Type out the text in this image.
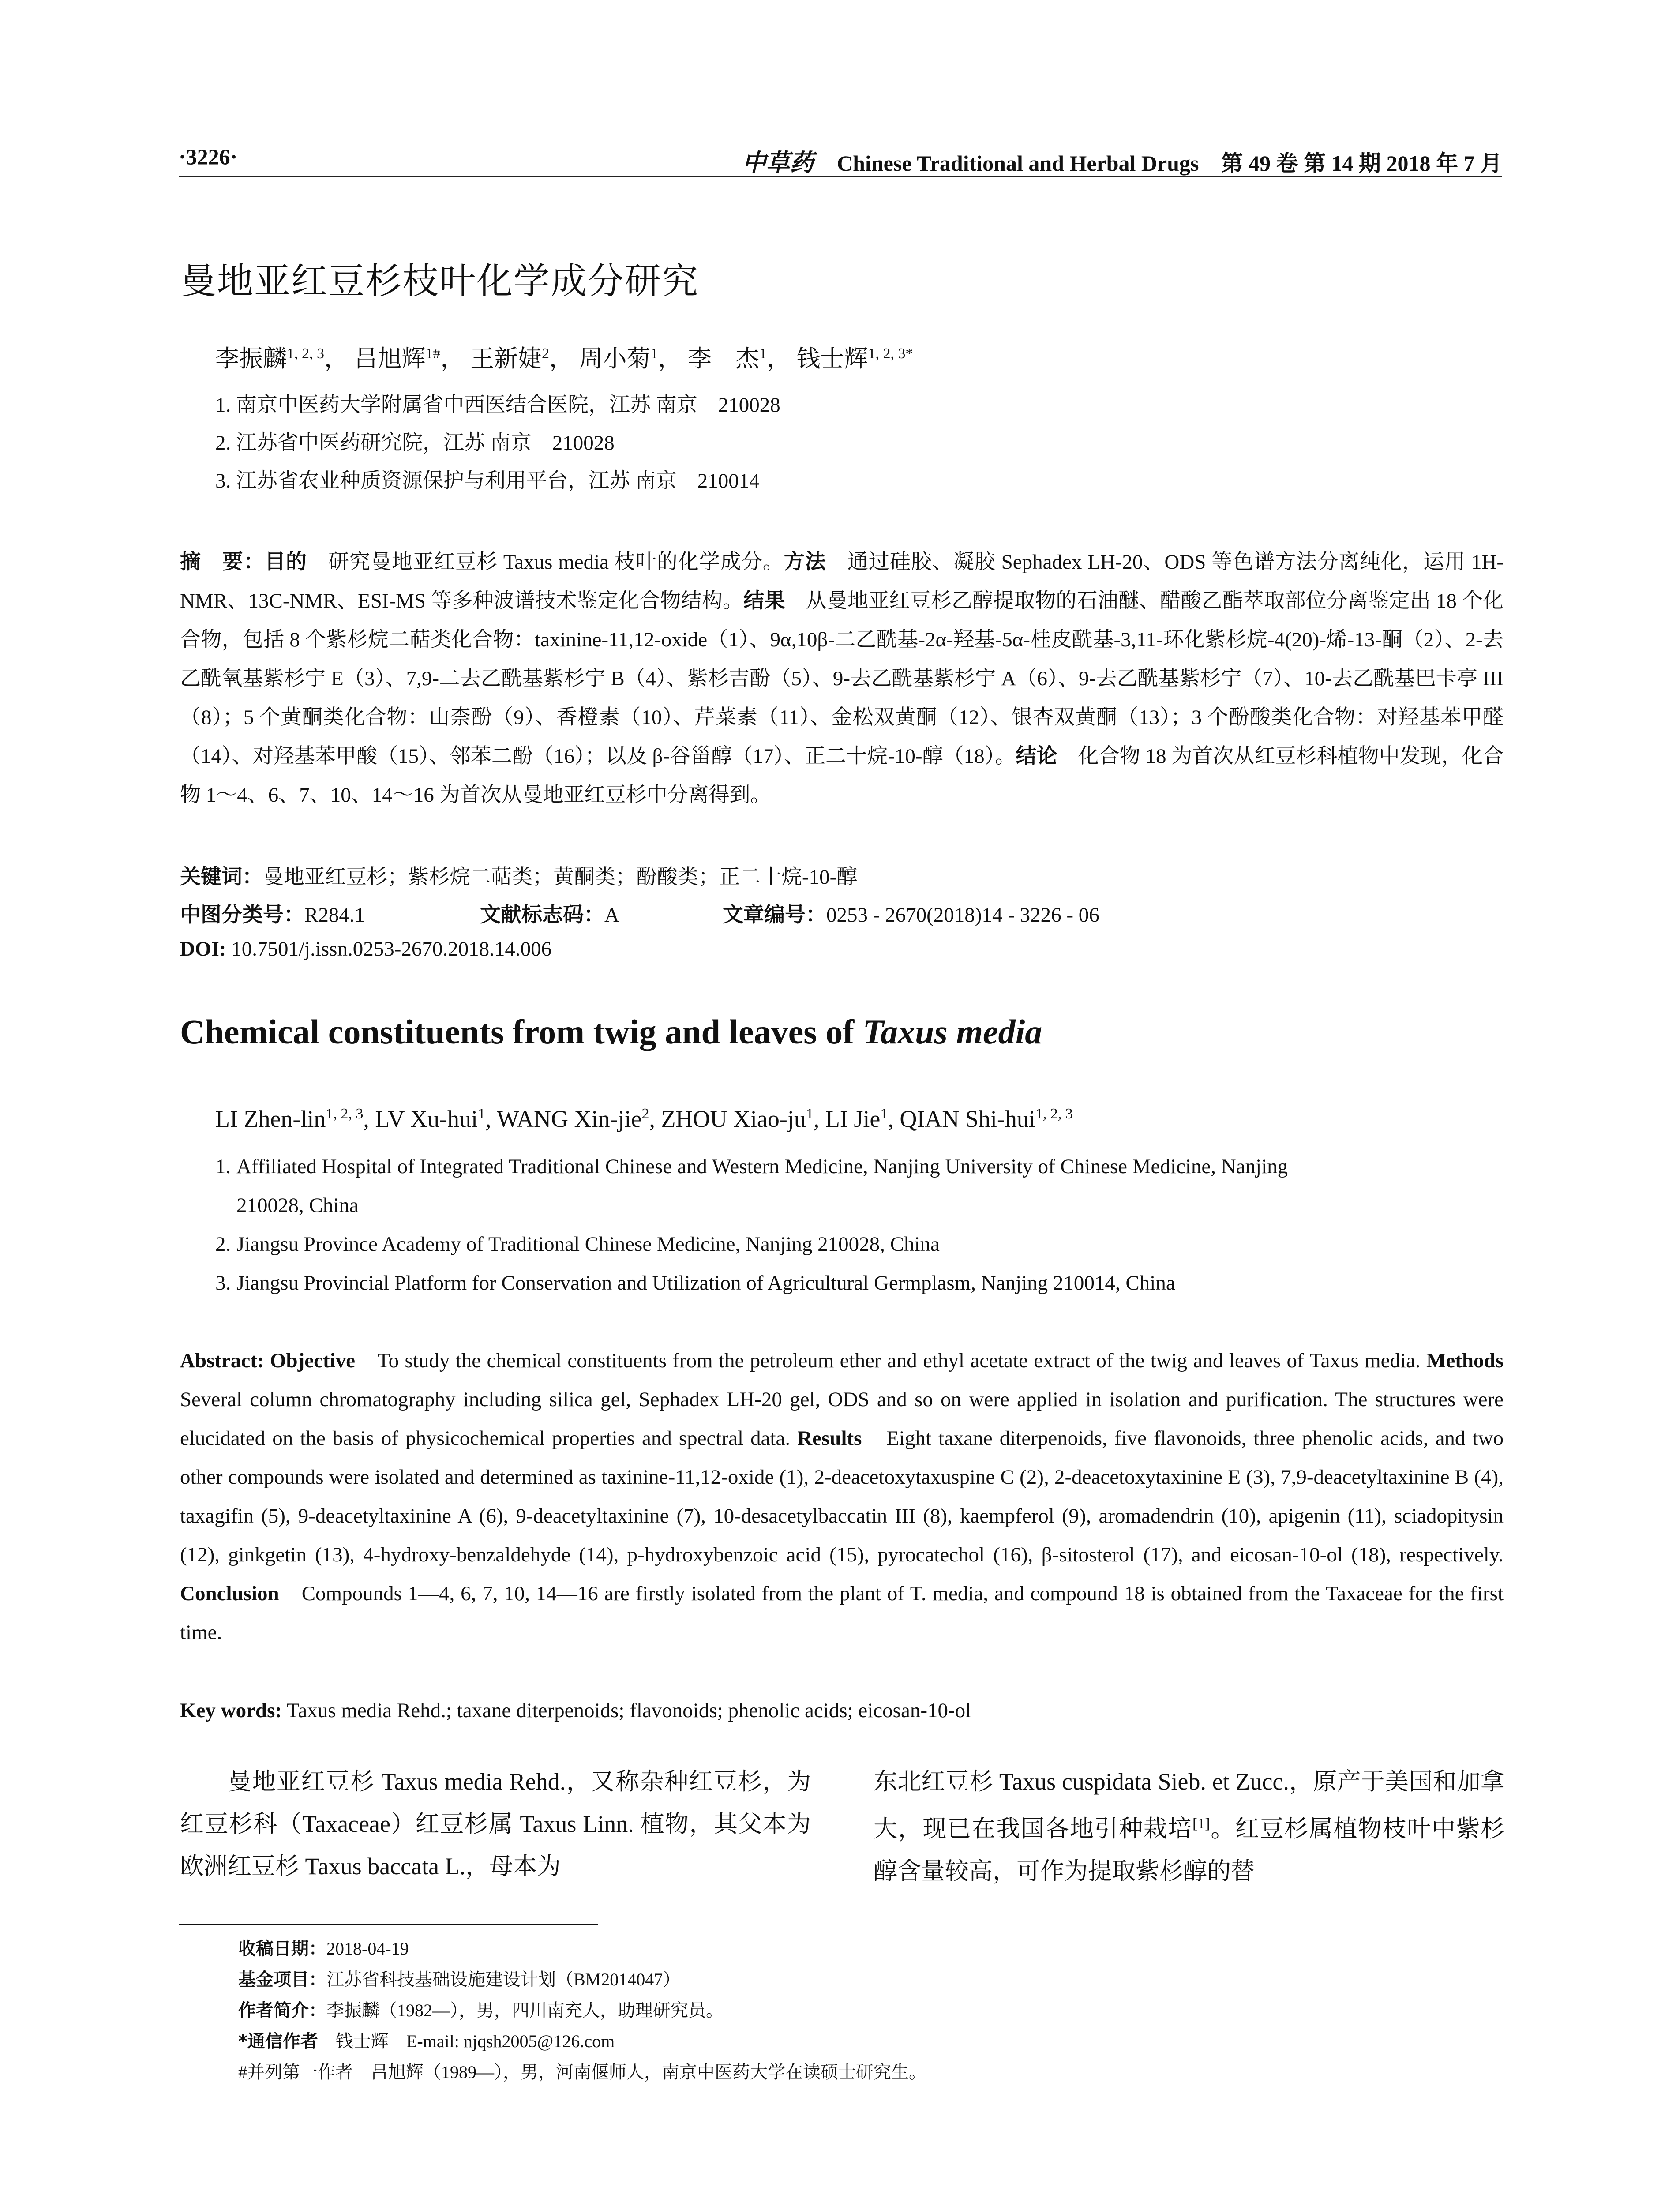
·3226·	中草药 Chinese Traditional and Herbal Drugs　第 49 卷 第 14 期 2018 年 7 月
曼地亚红豆杉枝叶化学成分研究
李振麟$^{1, 2, 3}$， 吕旭辉$^{1\#}$， 王新婕$^2$， 周小菊$^1$， 李　杰$^1$， 钱士辉$^{1, 2, 3*}$
1. 南京中医药大学附属省中西医结合医院，江苏 南京　210028
2. 江苏省中医药研究院，江苏 南京　210028
3. 江苏省农业种质资源保护与利用平台，江苏 南京　210014
摘　要：目的　 研究曼地亚红豆杉 Taxus media 枝叶的化学成分。方法　 通过硅胶、凝胶 Sephadex LH-20、ODS 等色谱方法分离纯化，运用 1H-NMR、13C-NMR、ESI-MS 等多种波谱技术鉴定化合物结构。结果　 从曼地亚红豆杉乙醇提取物的石油醚、醋酸乙酯萃取部位分离鉴定出 18 个化合物，包括 8 个紫杉烷二萜类化合物：taxinine-11,12-oxide（1）、9α,10β-二乙酰基-2α-羟基-5α-桂皮酰基-3,11-环化紫杉烷-4(20)-烯-13-酮（2）、2-去乙酰氧基紫杉宁 E（3）、7,9-二去乙酰基紫杉宁 B（4）、紫杉吉酚（5）、9-去乙酰基紫杉宁 A（6）、9-去乙酰基紫杉宁（7）、10-去乙酰基巴卡亭 III（8）；5 个黄酮类化合物：山柰酚（9）、香橙素（10）、芹菜素（11）、金松双黄酮（12）、银杏双黄酮（13）；3 个酚酸类化合物：对羟基苯甲醛（14）、对羟基苯甲酸（15）、邻苯二酚（16）；以及 β-谷甾醇（17）、正二十烷-10-醇（18）。结论　 化合物 18 为首次从红豆杉科植物中发现，化合物 1～4、6、7、10、14～16 为首次从曼地亚红豆杉中分离得到。
关键词：曼地亚红豆杉；紫杉烷二萜类；黄酮类；酚酸类；正二十烷-10-醇
中图分类号：R284.1	文献标志码：A	文章编号：0253 - 2670(2018)14 - 3226 - 06
DOI: 10.7501/j.issn.0253-2670.2018.14.006
Chemical constituents from twig and leaves of Taxus media
LI Zhen-lin$^{1, 2, 3}$, LV Xu-hui$^1$, WANG Xin-jie$^2$, ZHOU Xiao-$ju^1$, LI Jie$^1$, QIAN Shi-hui$^{1, 2, 3}$
1. Affiliated Hospital of Integrated Traditional Chinese and Western Medicine, Nanjing University of Chinese Medicine, Nanjing
210028, China
2. Jiangsu Province Academy of Traditional Chinese Medicine, Nanjing 210028, China
3. Jiangsu Provincial Platform for Conservation and Utilization of Agricultural Germplasm, Nanjing 210014, China
Abstract: Objective　 To study the chemical constituents from the petroleum ether and ethyl acetate extract of the twig and leaves of Taxus media. Methods　Several column chromatography including silica gel, Sephadex LH-20 gel, ODS and so on were applied in isolation and purification. The structures were elucidated on the basis of physicochemical properties and spectral data. Results　 Eight taxane diterpenoids, five flavonoids, three phenolic acids, and two other compounds were isolated and determined as taxinine-11,12-oxide (1), 2-deacetoxytaxuspine C (2), 2-deacetoxytaxinine E (3), 7,9-deacetyltaxinine B (4), taxagifin (5), 9-deacetyltaxinine A (6), 9-deacetyltaxinine (7), 10-desacetylbaccatin III (8), kaempferol (9), aromadendrin (10), apigenin (11), sciadopitysin (12), ginkgetin (13), 4-hydroxy-benzaldehyde (14), p-hydroxybenzoic acid (15), pyrocatechol (16), β-sitosterol (17), and eicosan-10-ol (18), respectively. Conclusion　 Compounds 1—4, 6, 7, 10, 14—16 are firstly isolated from the plant of T. media, and compound 18 is obtained from the Taxaceae for the first time.
Key words: Taxus media Rehd.; taxane diterpenoids; flavonoids; phenolic acids; eicosan-10-ol
曼地亚红豆杉 Taxus media Rehd.，又称杂种红豆杉，为红豆杉科（Taxaceae）红豆杉属 Taxus Linn. 植物，其父本为欧洲红豆杉 Taxus baccata L.，母本为
东北红豆杉 Taxus cuspidata Sieb. et Zucc.，原产于美国和加拿大，现已在我国各地引种栽培[1]。红豆杉属植物枝叶中紫杉醇含量较高，可作为提取紫杉醇的替
收稿日期：2018-04-19
基金项目：江苏省科技基础设施建设计划（BM2014047）
作者简介：李振麟（1982—），男，四川南充人，助理研究员。
*通信作者　钱士辉　E-mail: njqsh2005@126.com
#并列第一作者　吕旭辉（1989—），男，河南偃师人，南京中医药大学在读硕士研究生。
